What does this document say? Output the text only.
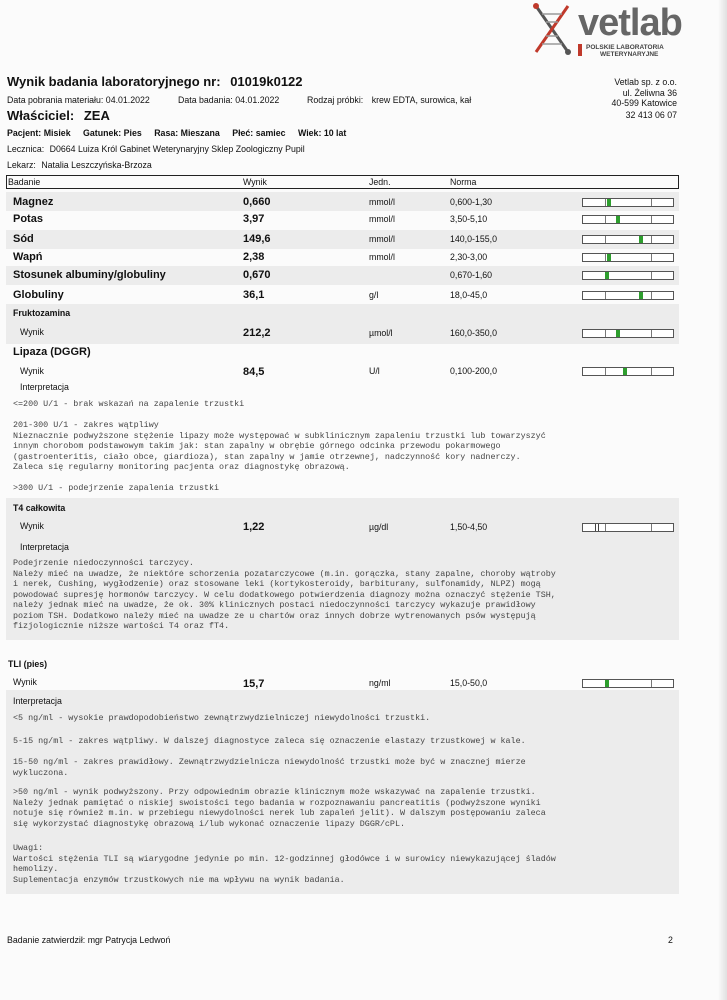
vetlab
POLSKIE LABORATORIA
WETERYNARYJNE
Vetlab sp. z o.o.
ul. Żeliwna 36
40-599 Katowice
32 413 06 07
Wynik badania laboratoryjnego nr: 01019k0122
Data pobrania materiału: 04.01.2022	Data badania: 04.01.2022	Rodzaj próbki: krew EDTA, surowica, kał
Właściciel: ZEA
Pacjent: Misiek Gatunek: Pies Rasa: Mieszana Płeć: samiec Wiek: 10 lat
Lecznica: D0664 Luiza Król Gabinet Weterynaryjny Sklep Zoologiczny Pupil
Lekarz: Natalia Leszczyńska-Brzoza
Badanie	Wynik	Jedn.	Norma
Magnez	0,660	mmol/l	0,600-1,30
Potas	3,97	mmol/l	3,50-5,10
Sód	149,6	mmol/l	140,0-155,0
Wapń	2,38	mmol/l	2,30-3,00
Stosunek albuminy/globuliny	0,670	0,670-1,60
Globuliny	36,1	g/l	18,0-45,0
Fruktozamina
Wynik	212,2	µmol/l	160,0-350,0
Lipaza (DGGR)
Wynik	84,5	U/l	0,100-200,0
Interpretacja
<=200 U/1 - brak wskazań na zapalenie trzustki

201-300 U/1 - zakres wątpliwy
Nieznacznie podwyższone stężenie lipazy może występować w subklinicznym zapaleniu trzustki lub towarzyszyć
innym chorobom podstawowym takim jak: stan zapalny w obrębie górnego odcinka przewodu pokarmowego
(gastroenteritis, ciało obce, giardioza), stan zapalny w jamie otrzewnej, nadczynność kory nadnerczy.
Zaleca się regularny monitoring pacjenta oraz diagnostykę obrazową.

>300 U/1 - podejrzenie zapalenia trzustki
T4 całkowita
Wynik	1,22	µg/dl	1,50-4,50
Interpretacja
Podejrzenie niedoczynności tarczycy.
Należy mieć na uwadze, że niektóre schorzenia pozatarczycowe (m.in. gorączka, stany zapalne, choroby wątroby
i nerek, Cushing, wygłodzenie) oraz stosowane leki (kortykosteroidy, barbiturany, sulfonamidy, NLPZ) mogą
powodować supresję hormonów tarczycy. W celu dodatkowego potwierdzenia diagnozy można oznaczyć stężenie TSH,
należy jednak mieć na uwadze, że ok. 30% klinicznych postaci niedoczynności tarczycy wykazuje prawidłowy
poziom TSH. Dodatkowo należy mieć na uwadze ze u chartów oraz innych dobrze wytrenowanych psów występują
fizjologicznie niższe wartości T4 oraz fT4.
TLI (pies)
Wynik	15,7	ng/ml	15,0-50,0
Interpretacja
<5 ng/ml - wysokie prawdopodobieństwo zewnątrzwydzielniczej niewydolności trzustki.
5-15 ng/ml - zakres wątpliwy. W dalszej diagnostyce zaleca się oznaczenie elastazy trzustkowej w kale.
15-50 ng/ml - zakres prawidłowy. Zewnątrzwydzielnicza niewydolność trzustki może być w znacznej mierze
wykluczona.
>50 ng/ml - wynik podwyższony. Przy odpowiednim obrazie klinicznym może wskazywać na zapalenie trzustki.
Należy jednak pamiętać o niskiej swoistości tego badania w rozpoznawaniu pancreatitis (podwyższone wyniki
notuje się również m.in. w przebiegu niewydolności nerek lub zapaleń jelit). W dalszym postępowaniu zaleca
się wykorzystać diagnostykę obrazową i/lub wykonać oznaczenie lipazy DGGR/cPL.
Uwagi:
Wartości stężenia TLI są wiarygodne jedynie po min. 12-godzinnej głodówce i w surowicy niewykazującej śladów
hemolizy.
Suplementacja enzymów trzustkowych nie ma wpływu na wynik badania.
Badanie zatwierdził: mgr Patrycja Ledwoń	2
